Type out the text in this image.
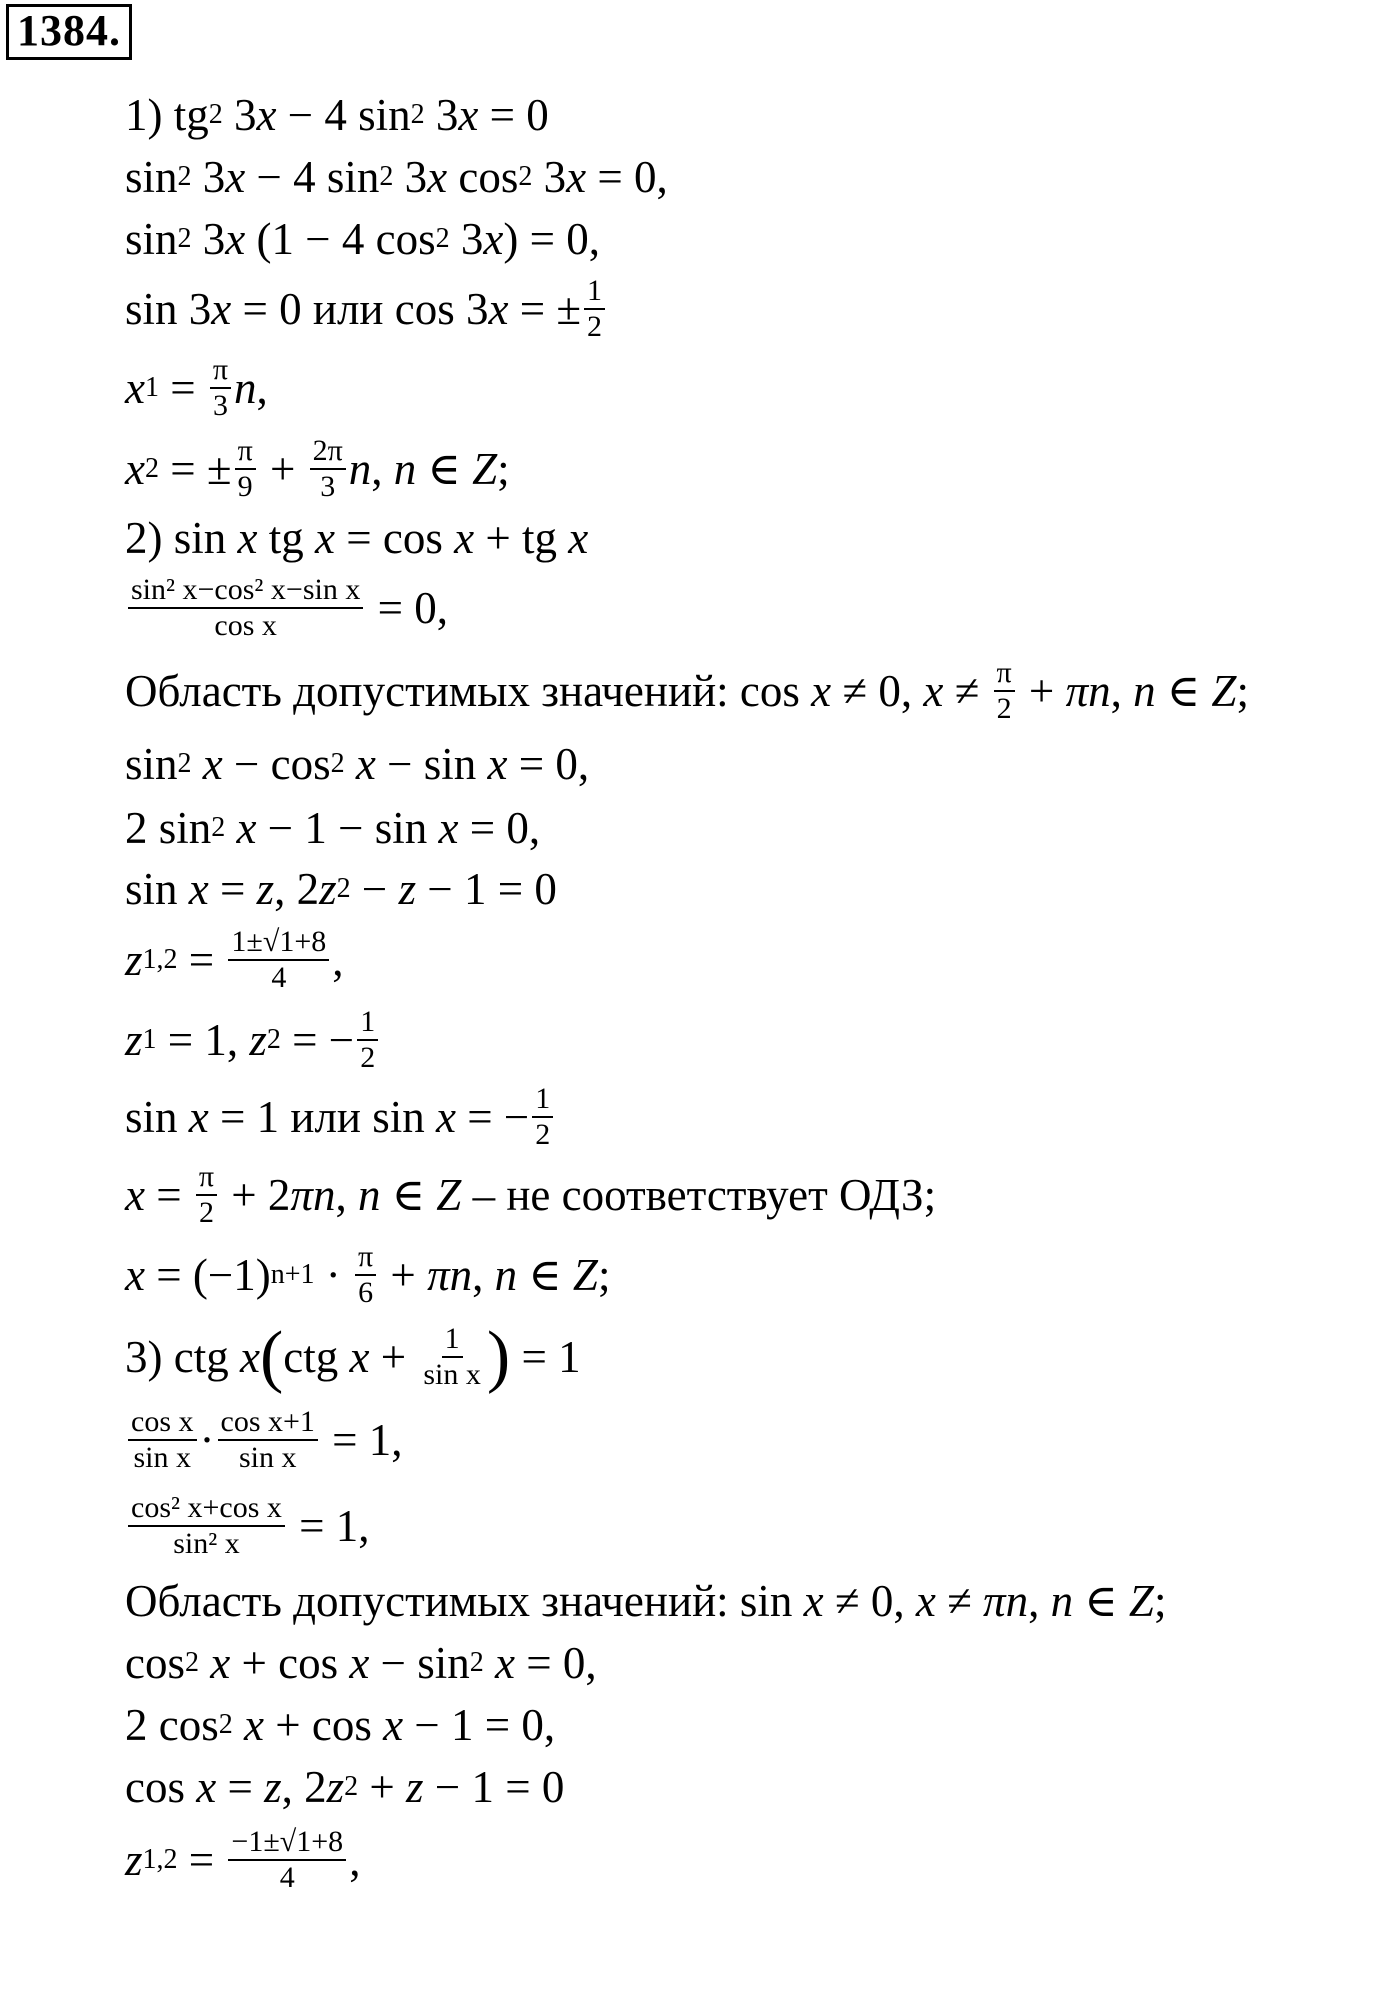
1384.
1) tg 2 3 x − 4 sin 2 3 x = 0
sin 2 3 x − 4 sin 2 3 x cos 2 3 x = 0,
sin 2 3 x (1 − 4 cos 2 3 x ) = 0,
sin 3 x = 0 или cos 3 x = ± $\frac{1}{2}$
x $1 = \frac{\pi}{3}$ n ,
x 2 = ± $\frac{\pi}{9} + \frac{2\pi}{3}$ n , n ∈ Z ;
2) sin x tg x = cos x + tg x
$\frac{\text{sin² x−cos² x−sin x}}{\text{cos x}} = 0$,
Область допустимых значений: cos x ≠ 0, $x \ne \frac{\pi}{2} + \pi n$ , n ∈ Z ;
sin 2
x − cos 2
x − sin x = 0,
2 sin 2
x − 1 − sin x = 0,
sin x = z , 2 z 2 − z − 1 = 0
z $1,2 = \frac{1\pm√1+8}{4}$ ,
z 1 = 1, z 2 = − $\frac{1}{2}$
sin x = 1 или sin x = − $\frac{1}{2}$
$x = \frac{\pi}{2} + 2$ πn , n ∈ Z – не соответствует ОДЗ;
x = (−1) $n+1 \cdot \frac{\pi}{6} + \pi n$ , n ∈ Z ;
3) ctg x ( ctg $x + \frac{1}{\text{sin x}}$ ) = 1
$\frac{\text{cos x}}{\text{sin x}} \cdot \frac{\text{cos x+1}}{\text{sin x}} = 1$,
$\frac{\text{cos² x+cos x}}{\text{sin² x}} = 1$,
Область допустимых значений: sin x ≠ 0, x ≠ πn , n ∈ Z ;
cos 2
x + cos x − sin 2
x = 0,
2 cos 2
x + cos x − 1 = 0,
cos x = z , 2 z 2 + z − 1 = 0
z $1,2 = \frac{-1\pm√1+8}{4}$ ,
